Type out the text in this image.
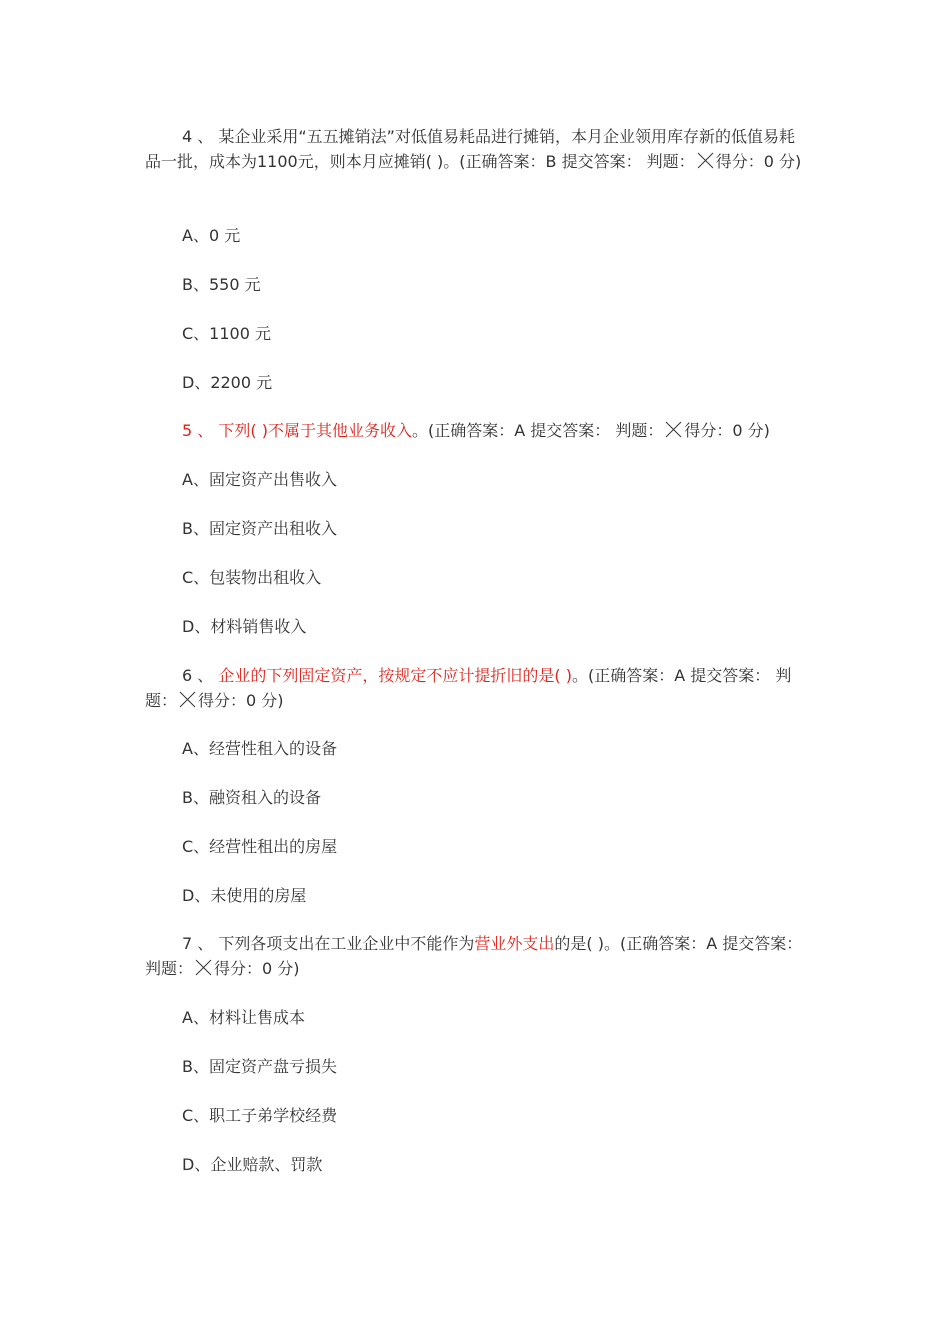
4 、 某企业采用“五五摊销法”对低值易耗品进行摊销，本月企业领用库存新的低值易耗品一批，成本为1100元，则本月应摊销( )。(正确答案：B 提交答案： 判题： 得分：0 分)
A、0 元
B、550 元
C、1100 元
D、2200 元
5 、 下列( )不属于其他业务收入。(正确答案：A 提交答案： 判题： 得分：0 分)
A、固定资产出售收入
B、固定资产出租收入
C、包装物出租收入
D、材料销售收入
6 、 企业的下列固定资产，按规定不应计提折旧的是( )。(正确答案：A 提交答案： 判题： 得分：0 分)
A、经营性租入的设备
B、融资租入的设备
C、经营性租出的房屋
D、未使用的房屋
7 、 下列各项支出在工业企业中不能作为营业外支出的是( )。(正确答案：A 提交答案： 判题： 得分：0 分)
A、材料让售成本
B、固定资产盘亏损失
C、职工子弟学校经费
D、企业赔款、罚款
